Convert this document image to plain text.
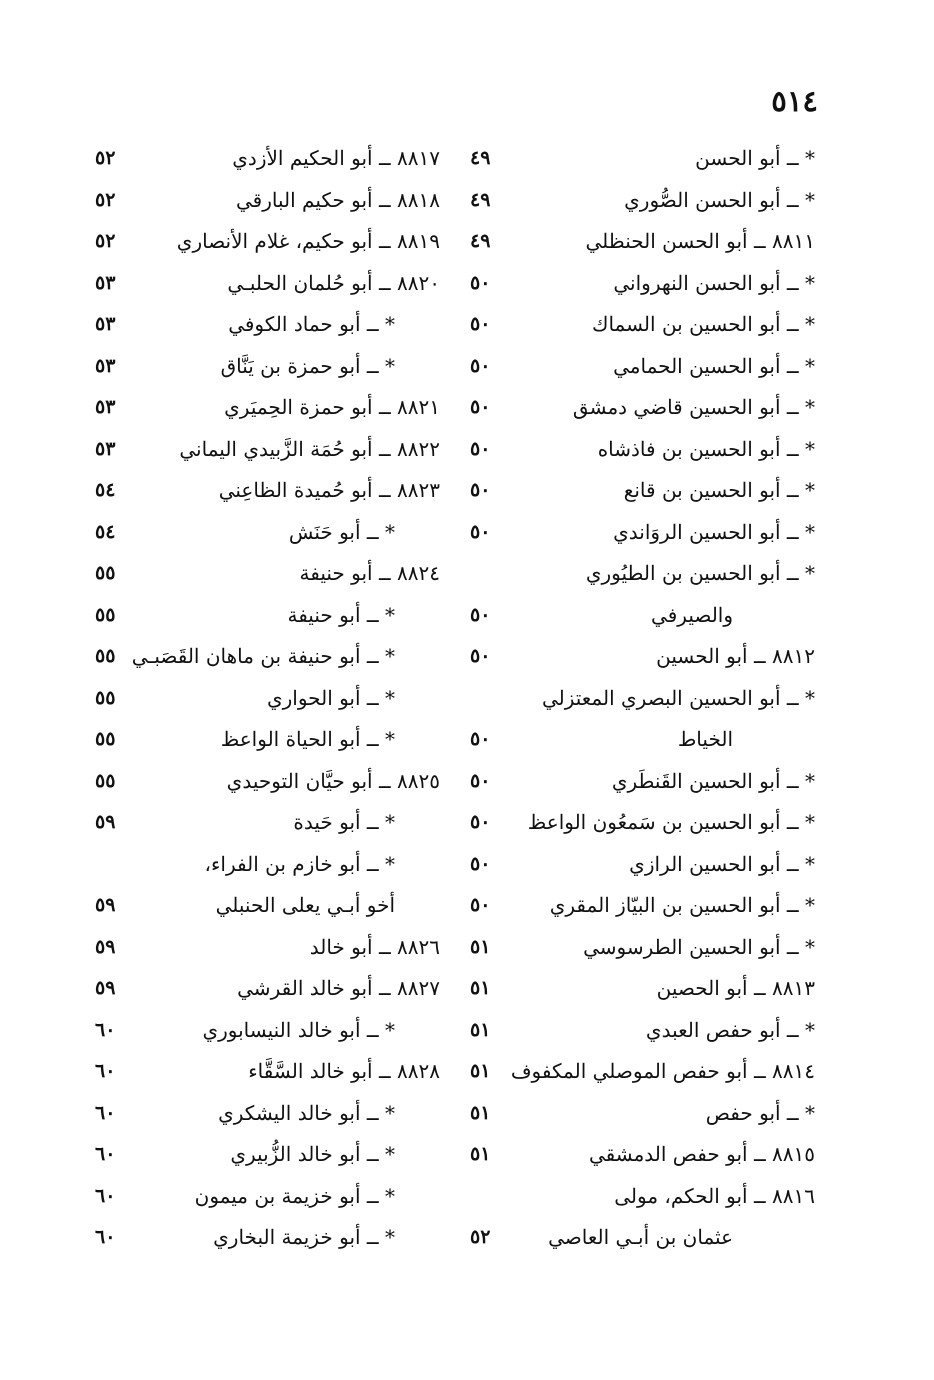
٥١٤
* ــ أبو الحسن
٤٩
* ــ أبو الحسن الصُّوري
٤٩
٨٨١١ ــ أبو الحسن الحنظلي
٤٩
* ــ أبو الحسن النهرواني
٥٠
* ــ أبو الحسين بن السماك
٥٠
* ــ أبو الحسين الحمامي
٥٠
* ــ أبو الحسين قاضي دمشق
٥٠
* ــ أبو الحسين بن فاذشاه
٥٠
* ــ أبو الحسين بن قانع
٥٠
* ــ أبو الحسين الروَاندي
٥٠
* ــ أبو الحسين بن الطيُوري
والصيرفي
٥٠
٨٨١٢ ــ أبو الحسين
٥٠
* ــ أبو الحسين البصري المعتزلي
الخياط
٥٠
* ــ أبو الحسين القَنطَري
٥٠
* ــ أبو الحسين بن سَمعُون الواعظ
٥٠
* ــ أبو الحسين الرازي
٥٠
* ــ أبو الحسين بن البيّاز المقري
٥٠
* ــ أبو الحسين الطرسوسي
٥١
٨٨١٣ ــ أبو الحصين
٥١
* ــ أبو حفص العبدي
٥١
٨٨١٤ ــ أبو حفص الموصلي المكفوف
٥١
* ــ أبو حفص
٥١
٨٨١٥ ــ أبو حفص الدمشقي
٥١
٨٨١٦ ــ أبو الحكم، مولى
عثمان بن أبـي العاصي
٥٢
٨٨١٧ ــ أبو الحكيم الأزدي
٥٢
٨٨١٨ ــ أبو حكيم البارقي
٥٢
٨٨١٩ ــ أبو حكيم، غلام الأنصاري
٥٢
٨٨٢٠ ــ أبو حُلمان الحلبـي
٥٣
* ــ أبو حماد الكوفي
٥٣
* ــ أبو حمزة بن يَنَّاق
٥٣
٨٨٢١ ــ أبو حمزة الحِميَري
٥٣
٨٨٢٢ ــ أبو حُمَة الزَّبيدي اليماني
٥٣
٨٨٢٣ ــ أبو حُميدة الظاعِني
٥٤
* ــ أبو حَنَش
٥٤
٨٨٢٤ ــ أبو حنيفة
٥٥
* ــ أبو حنيفة
٥٥
* ــ أبو حنيفة بن ماهان القَصَبـي
٥٥
* ــ أبو الحواري
٥٥
* ــ أبو الحياة الواعظ
٥٥
٨٨٢٥ ــ أبو حيَّان التوحيدي
٥٥
* ــ أبو حَيدة
٥٩
* ــ أبو خازم بن الفراء،
أخو أبـي يعلى الحنبلي
٥٩
٨٨٢٦ ــ أبو خالد
٥٩
٨٨٢٧ ــ أبو خالد القرشي
٥٩
* ــ أبو خالد النيسابوري
٦٠
٨٨٢٨ ــ أبو خالد السَّقَّاء
٦٠
* ــ أبو خالد اليشكري
٦٠
* ــ أبو خالد الزُّبيري
٦٠
* ــ أبو خزيمة بن ميمون
٦٠
* ــ أبو خزيمة البخاري
٦٠
